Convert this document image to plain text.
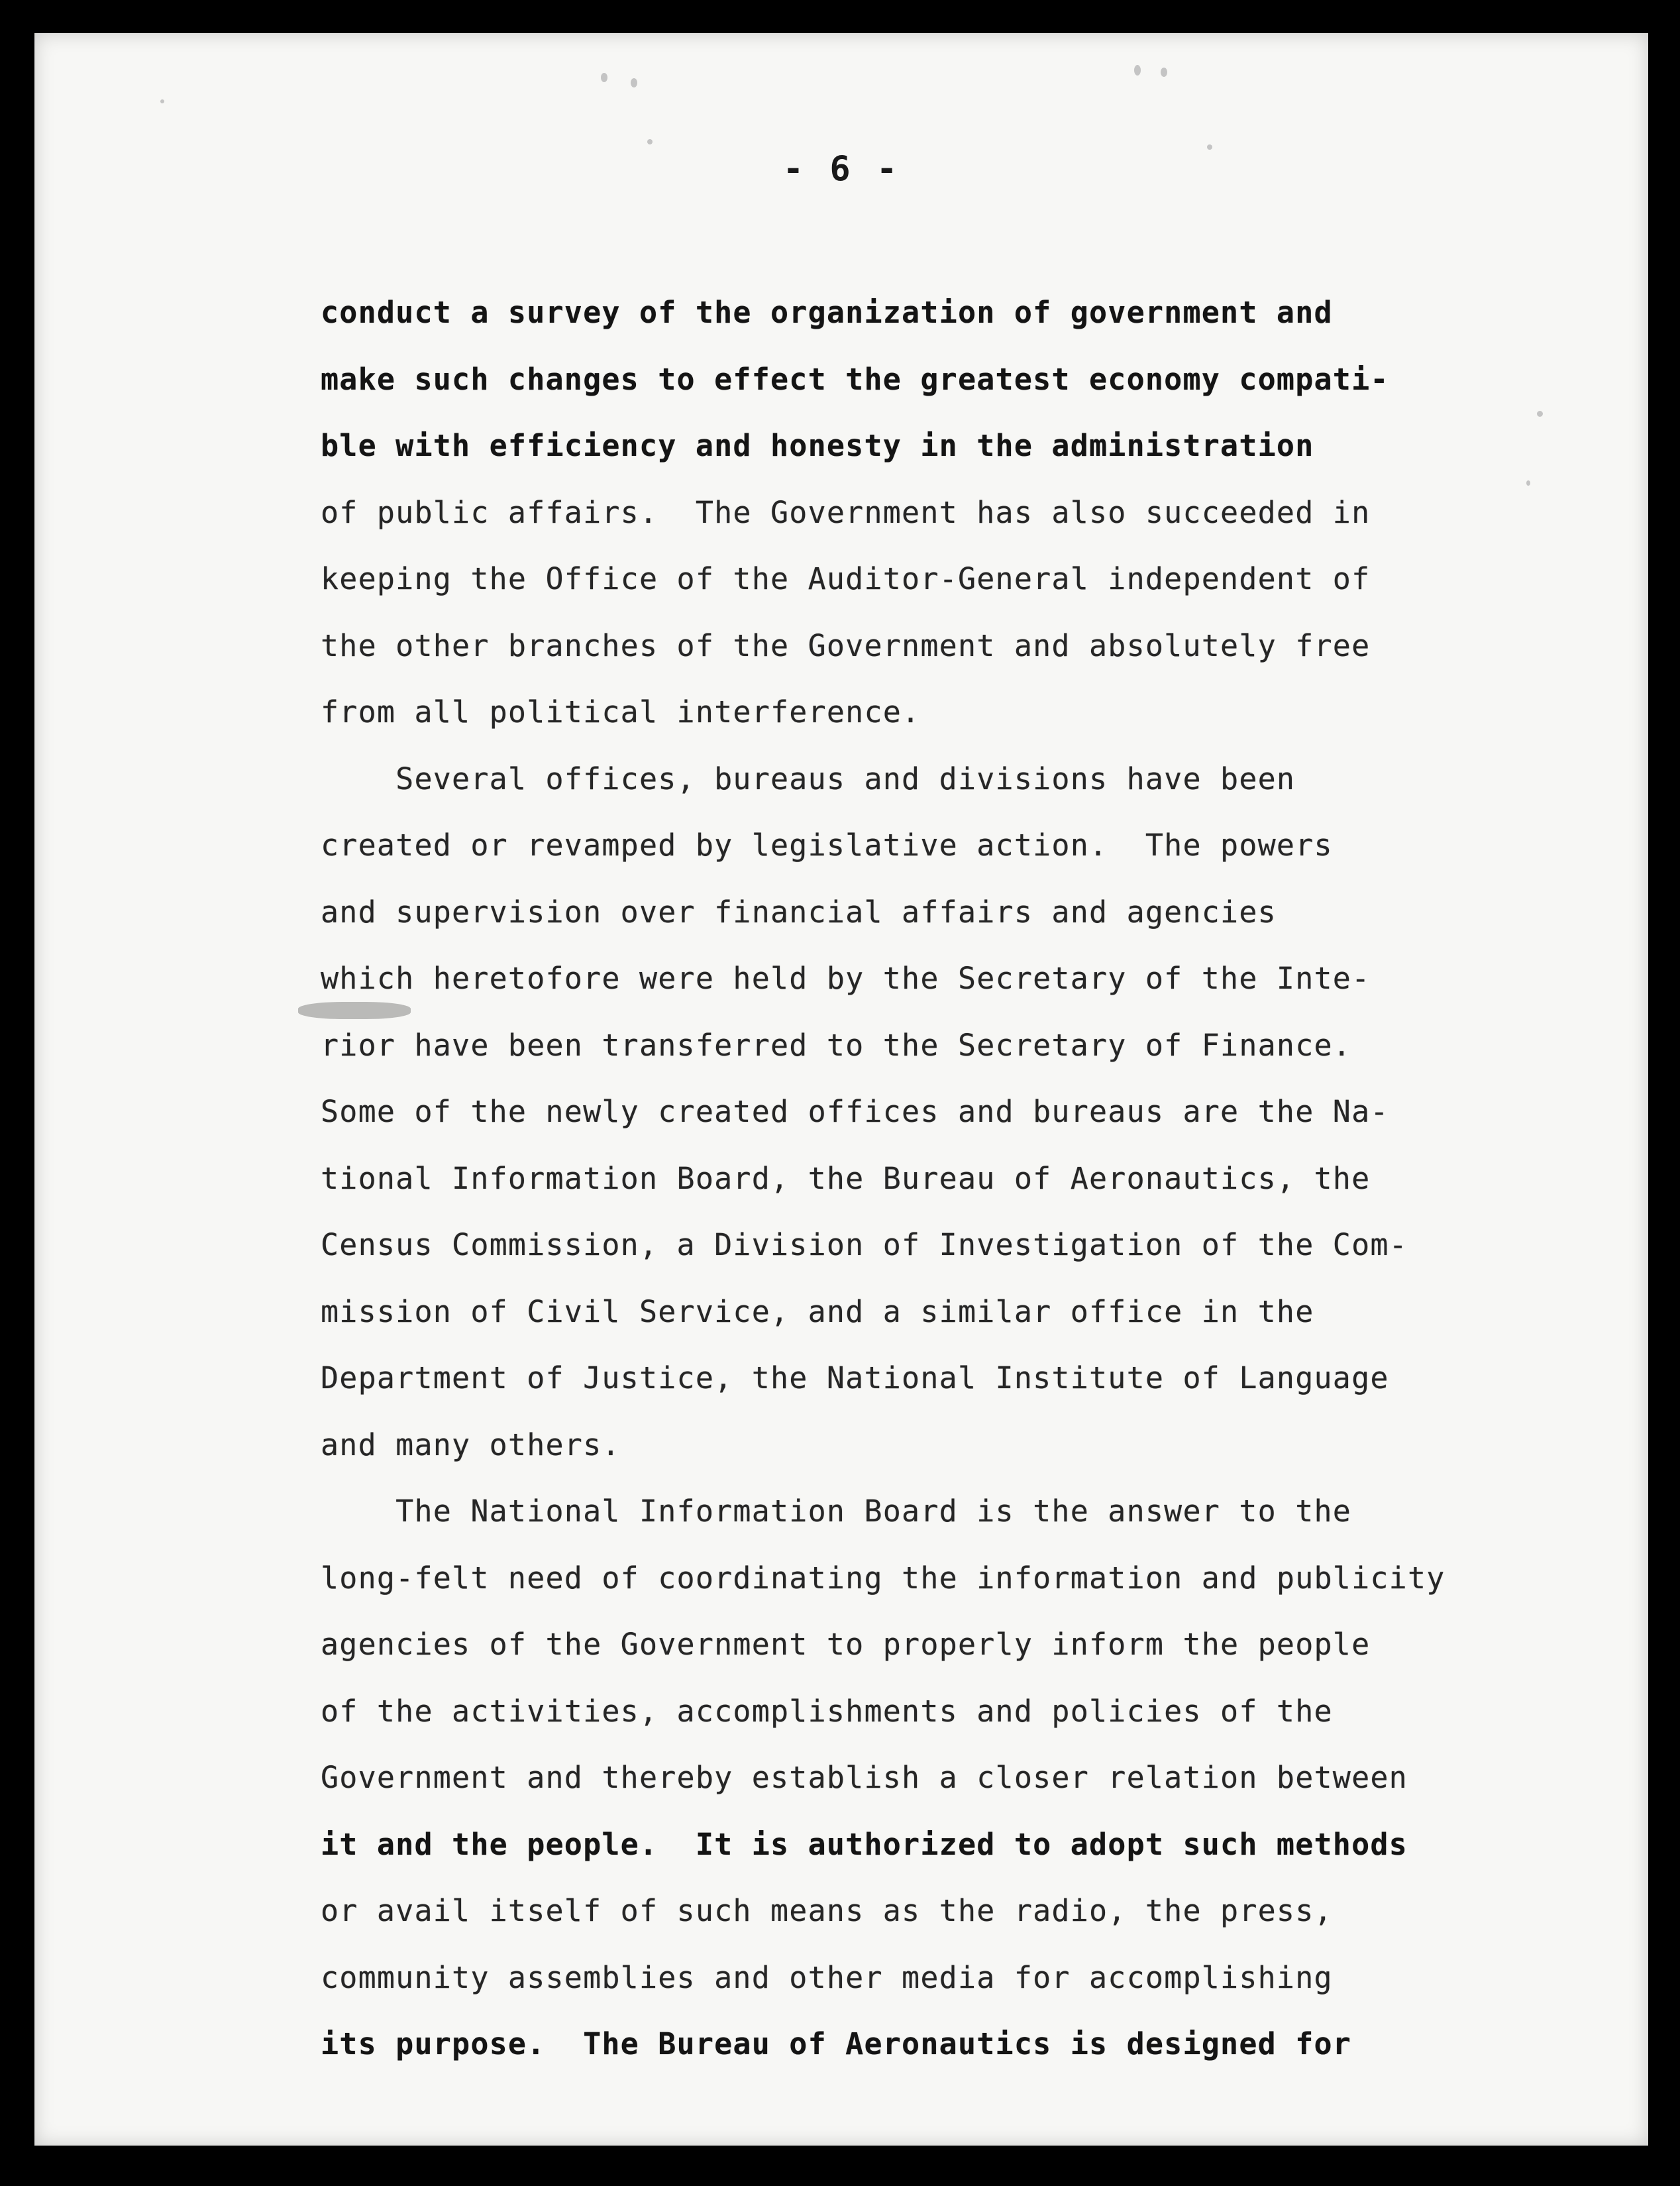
- 6 -
conduct a survey of the organization of government and
make such changes to effect the greatest economy compati-
ble with efficiency and honesty in the administration
of public affairs.  The Government has also succeeded in
keeping the Office of the Auditor-General independent of
the other branches of the Government and absolutely free
from all political interference.
Several offices, bureaus and divisions have been
created or revamped by legislative action.  The powers
and supervision over financial affairs and agencies
which heretofore were held by the Secretary of the Inte-
rior have been transferred to the Secretary of Finance.
Some of the newly created offices and bureaus are the Na-
tional Information Board, the Bureau of Aeronautics, the
Census Commission, a Division of Investigation of the Com-
mission of Civil Service, and a similar office in the
Department of Justice, the National Institute of Language
and many others.
The National Information Board is the answer to the
long-felt need of coordinating the information and publicity
agencies of the Government to properly inform the people
of the activities, accomplishments and policies of the
Government and thereby establish a closer relation between
it and the people.  It is authorized to adopt such methods
or avail itself of such means as the radio, the press,
community assemblies and other media for accomplishing
its purpose.  The Bureau of Aeronautics is designed for
